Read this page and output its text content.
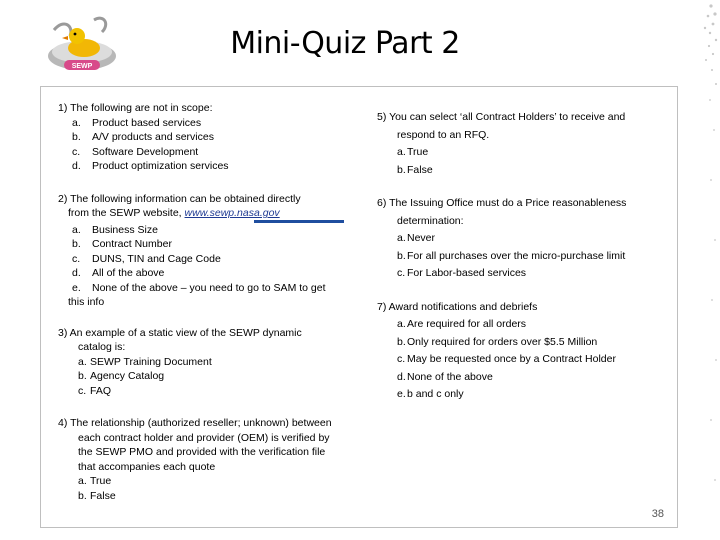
SEWP
Mini-Quiz Part 2
1) The following are not in scope:
a.	Product based services
b.	A/V products and services
c.	Software Development
d.	Product optimization services
2) The following information can be obtained directly
from the SEWP website, www.sewp.nasa.gov
a.	Business Size
b.	Contract Number
c.	DUNS, TIN and Cage Code
d.	All of the above
e.	None of the above – you need to go to SAM to get
this info
3) An example of a static view of the SEWP dynamic
catalog is:
a. SEWP Training Document
b. Agency Catalog
c. FAQ
4) The relationship (authorized reseller; unknown) between
each contract holder and provider (OEM) is verified by
the SEWP PMO and provided with the verification file
that accompanies each quote
a. True
b. False
5) You can select ‘all Contract Holders’ to receive and
respond to an RFQ.
a. True
b. False
6) The Issuing Office must do a Price reasonableness
determination:
a. Never
b. For all purchases over the micro-purchase limit
c. For Labor-based services
7) Award notifications and debriefs
a. Are required for all orders
b. Only required for orders over $5.5 Million
c. May be requested once by a Contract Holder
d. None of the above
e. b and c only
38
